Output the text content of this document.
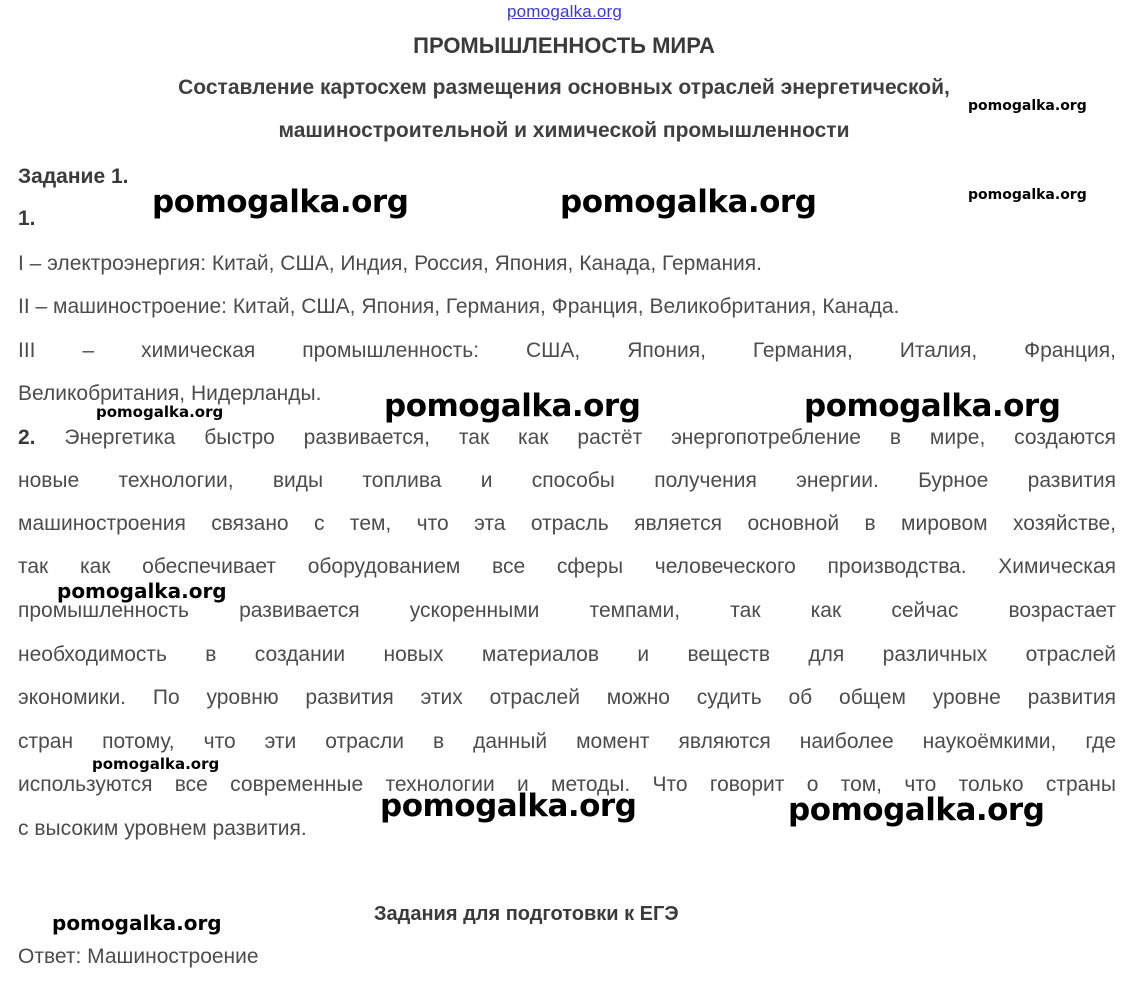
pomogalka.org
ПРОМЫШЛЕННОСТЬ МИРА
Составление картосхем размещения основных отраслей энергетической,
машиностроительной и химической промышленности
Задание 1.
1.
I – электроэнергия: Китай, США, Индия, Россия, Япония, Канада, Германия.
II – машиностроение: Китай, США, Япония, Германия, Франция, Великобритания, Канада.
III – химическая промышленность: США, Япония, Германия, Италия, Франция,
Великобритания, Нидерланды.
2. Энергетика быстро развивается, так как растёт энергопотребление в мире, создаются
новые технологии, виды топлива и способы получения энергии. Бурное развития
машиностроения связано с тем, что эта отрасль является основной в мировом хозяйстве,
так как обеспечивает оборудованием все сферы человеческого производства. Химическая
промышленность развивается ускоренными темпами, так как сейчас возрастает
необходимость в создании новых материалов и веществ для различных отраслей
экономики. По уровню развития этих отраслей можно судить об общем уровне развития
стран потому, что эти отрасли в данный момент являются наиболее наукоёмкими, где
используются все современные технологии и методы. Что говорит о том, что только страны
с высоким уровнем развития.
Задания для подготовки к ЕГЭ
Ответ: Машиностроение
pomogalka.org
pomogalka.org
pomogalka.org	pomogalka.org
pomogalka.org	pomogalka.org	pomogalka.org
pomogalka.org
pomogalka.org
pomogalka.org	pomogalka.org
pomogalka.org
